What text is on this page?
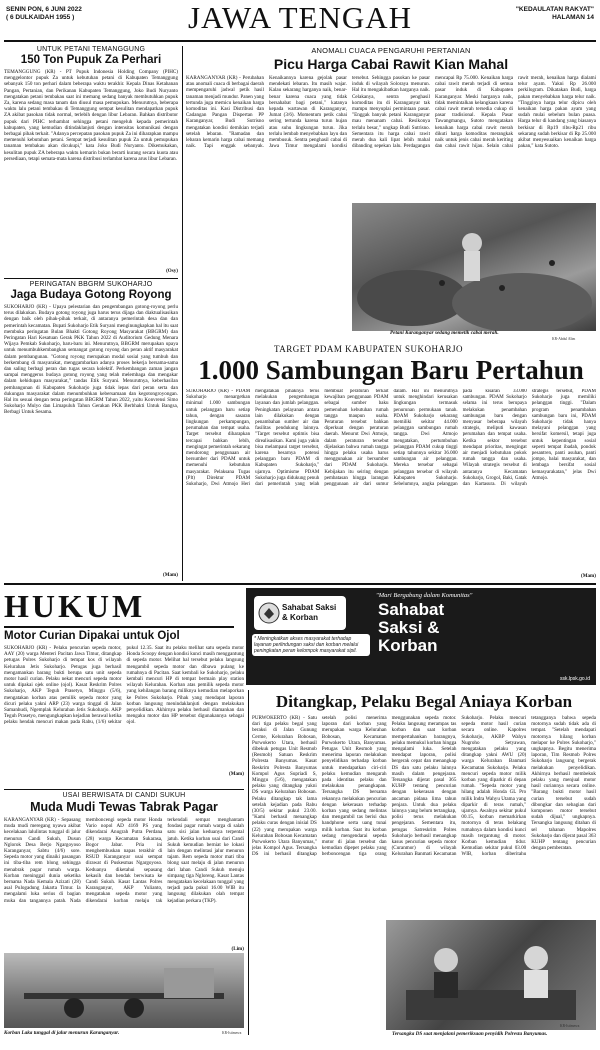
SENIN PON, 6 JUNI 2022
( 6 DULKAIDAH 1955 )	JAWA TENGAH	"KEDAULATAN RAKYAT"
HALAMAN 14
UNTUK PETANI TEMANGGUNG
150 Ton Pupuk Za Perhari
TEMANGGUNG (KR) - PT Pupuk Indonesia Holding Company (PIHC) menggelontor pupuk Za untuk kebutuhan petani di Kabupaten Temanggung sebanyak 150 ton perhari dalam beberapa waktu terakhir. Kepala Dinas Ketahanan Pangan, Pertanian, dan Perikanan Kabupaten Temanggung, Joko Budi Nuryanto mengatakan petani tembakau saat ini memang sedang banyak membutuhkan pupuk Za, karena sedang masa tanam dan diusul masa pemupukan. Menurutnya, beberapa waktu lalu petani tembakau di Temanggung sempat kesulitan mendapatkan pupuk ZA akibat pasokan tidak normal, terlebih dengan libur Lebaran. Bahkan distributor pupuk dari PIHC terhambat sehingga petani mengeluh kepada pemerintah kabupaten, yang kemudian ditindaklanjuti dengan intensitas komunikasi dengan berbagai pihak terkait. "Adanya percepatan pasokan pupuk Za ini diharapkan mampu memenuhi kebutuhan petani. Sempat terjadi kesulitan pupuk Za untuk pemupukan tanaman tembakau akan dicukupi," kata Joko Budi Nuryanto. Dikemukakan, kesulitan pupuk ZA beberapa waktu kemarin bukan berarti kurang secara kuota atau persediaan, tetapi semata-mata karena distribusi terlambat karena arus libur Lebaran.
(Osy)
PERINGATAN BBGRM SUKOHARJO
Jaga Budaya Gotong Royong
SUKOHARJO (KR) - Upaya pelestarian dan pengembangan gotong-royong perlu terus dilakukan. Budaya gotong royong juga harus terus dijaga dan diaktualisasikan dengan baik oleh pihak-pihak terkait, di antaranya pemerintah desa dan dan pemerintah kecamatan. Bupati Sukoharjo Etik Suryani menginungkapkan hal itu saat membuka peringatan Bulan Bhakti Gotong Royong Masyarakat (BBGRM) dan Peringatan Hari Kesatuan Gerak PKK Tahun 2022 di Auditorium Gedung Menara Wijaya Pemkab Sukoharjo, baru-baru ini. Menurutnya, BBGRM merupakan upaya untuk menumbuhkembangkan semangat gotong royong dan peran aktif masyarakat dalam pembangunan. "Gotong royong merupakan modal sosial yang tumbuh dan berkembang di masyarakat, menggambarkan adanya proses bekerja bersama-sama dan saling berbagi peran dan tugas secara kolektif. Perkembangan zaman jangan sampai menggerus budaya gotong royong yang telah melembaga dan mengakar dalam kehidupan masyarakat," tandas Etik Suryani. Menurutnya, keberhasilan pembangunan di Kabupaten Sukoharjo juga tidak lepas dari peran serta dan dukungan masyarakat dalam menumbuhkan kebersamaan dan kegotongroyongan. Hal itu sesuai dengan tema peringatan BBGRM Tahun 2022, yaitu Konvrensi Simo Sukoharjo Mulyo dan Limapuluh Tahun Gerakan PKK Berbhakti Untuk Bangsa, Berbagi Untuk Sesama.
(Mam)
ANOMALI CUACA PENGARUHI PERTANIAN
Picu Harga Cabai Rawit Kian Mahal
KARANGANYAR (KR) - Perubahan atau anomali cuaca di berbagai daerah mempengaruhi jadwal petik hasil tanaman menjadi mundur. Panen yang tertunda juga memicu kenaikan harga komoditas ini. Kasi Distribusi dan Cadangan Pangan Dispertan PP Karanganyar, Budi Sutrisno mengatakan kondisi demikian terjadi setelah lebaran. "Ramadan dan lebaran kemarin harga cabai memang naik. Tapi enggak sebanyak. Kenaikannya karena gejolak pasar mendekati lebaran. Itu masih wajar. Kalau sekarang harganya naik, benar-benar karena cuaca yang tidak bersahabat bagi petani," katanya kepada wartawan di Karanganyar, Jumat (3/6). Momentum petik cabai sering tertunda karena turun hujan atau suhu lingkungan turun. Jika terlalu lembab menyebabkan layu dan membusuk. Sentra penghasil cabai di Jawa Timur mengalami kondisi tersebut. Sehingga pasokan ke pasar induk di wilayah Soloraya menurun. Hal itu mengakibatkan harganya naik. Celakanya, sentra penghasil komoditas itu di Karanganyar tak mampu menyuplai permintaan pasar. "Enggak banyak petani Karanganyar mau menanam cabai. Resikonya terlalu besar," ungkap Budi Sutrisno. Sementara itu harga cabai rawit merah dua kali lipat lebih mahal dibanding sepekan lalu. Perdagangan mencapai Rp 75.000. Kenaikan harga cabai rawit merah terjadi di semua pasar induk di Kabupaten Karanganyar. Meski harganya naik, tidak memintalkan kelangkaan karena cabai rawit merah tersedia cukup di pasar tradisional. Kepala Pasar Tawangmangu, Sutoto mengatakan kenaikan harga cabai rawit merah dikuti harga komoditas merangkak naik untuk jenis cabai merah keriting dan cabai rawit hijau. Selain cabai rawit merah, kenaikan harga dialami telur ayam. Yakni Rp 26.000 perkilogram. Dikatakan Budi, harga pakan menyebabkan harga telur naik. "Tingginya harga telur dipicu oleh kenaikan harga pakan ayam yang sudah mulai sebelum bulan puasa. Harga telur di kandang yang biasanya berkisar di Rp19 ribu-Rp21 ribu sekarang sudah berkisar di Rp 25.000 akibat menyesuaikan kenaikan harga pakan," kata Sutoto.
Petani Karanganyar sedang memetik cabai merah.
KR-Abdul Alim
TARGET PDAM KABUPATEN SUKOHARJO
1.000 Sambungan Baru Pertahun
SUKOHARJO (KR) - PDAM Sukoharjo menargetkan minimal 1.000 sambungan untuk pelanggan baru setiap tahun, dengan sasaran lingkungan perkampungan, perumahan dan tempat usaha. Target tersebut diharapkan tercapai bahkan lebih, mengingat pemerintah sekarang mendorong penggunaan air bersumber dari PDAM untuk memenuhi kebutuhan masyarakat. Pelaksana Tugas (Plt) Direktur PDAM Sukoharjo, Dwi Atmojo Heri mengatakan pihaknya terus melakukan pengembangan layanan dan jumlah pelanggan. Peningkatan pelayanan antara lain dilakukan dengan penambahan sumber air dan fasilitas pendukung lainnya. "Target tersebut optimis bisa direalisasikan. Kami juga yakin bisa melampaui target tersebut, karena besarnya potensi pelanggan baru PDAM di Kabupaten Sukoharjo," ujarnya. Optimisme PDAM Sukoharjo juga didukung penuh dari pemerintah yang telah membuat peraturan terkait kewajiban penggunaan PDAM sebagai sumber baku pemenuhan kebutuhan rumah tangga maupun usaha. Peraturan tersebut bahkan diperkuat dengan peraturan daerah. Menurut Dwi Atmojo, dalam peraturan tersebut dijelaskan bahwa rumah tangga hingga pelaku usaha harus menggunakan air bersumber dari PDAM Sukoharjo. Kebijakan itu seiring dengan pembatasan hingga larangan penggunaan air dari sumur dalam. Hal ini menurutnya untuk menghindari kerusakan lingkungan termasuk penurunan permukaan tanah. PDAM Sukoharjo sekarang memiliki sekitar 44.000 pelanggan sambungan rumah tangga. Dwi Atmojo mengatakan, pertumbuhan pelanggan PDAM cukup tinggi setiap tahunnya sekitar 36.000 sambungan air pelanggan. Mereka tersebar sebagai pelanggan tersebar di wilayah Kabupaten Sukoharjo. Sebelumnya, angka pelanggan pada kisaran 33.000 sambungan. PDAM Sukoharjo selama ini terus berupaya melakukan penambahan sambungan baru dengan menyasar beberapa wilayah strategis, meliputi kawasan perumahan dan tempat usaha. Ketika sektor tersebut mendapat prioritas, mengingat air menjadi kebutuhan pokok rumah tangga dan usaha. Wilayah strategis tersebut di antaranya Kecamatan Sukoharjo, Grogol, Baki, Gatak dan Kartasura. Di wilayah strategis tersebut, PDAM Sukoharjo juga memiliki pelanggan tinggi. "Dalam program penambahan sambungan baru ini, PDAM Sukoharjo tidak hanya melayani pelanggan yang bersifat komersil, tetapi juga untuk kepentingan sosial seperti tempat ibadah, pondok pesantren, panti asuhan, panti jompo, balai masyarakat, dan lembaga bersifat sosial kemasyarakatan," jelas Dwi Atmojo.
(Mam)
HUKUM	Sahabat Saksi & Korban
* Meningkatkan akses masyarakat terhadap layanan perlindungan saksi dan korban melalui peningkatan peran kelompok masyarakat sipil.
"Mari Bergabung dalam Komunitas"
Sahabat
Saksi &
Korban
ssk.lpsk.go.id
Motor Curian Dipakai untuk Ojol
SUKOHARJO (KR) - Pelaku pencurian sepeda motor, AAY (20) warga Menteri Pacitan Jawa Timur, ditangkap petugas Polres Sukoharjo di tempat kos di wilayah Kelurahan Jetis Sukoharjo. Petugas juga berhasil mengamankan barang bukti berupa satu unit sepeda motor hasil curian. Pelaku nekat mencuri sepeda motor untuk dipakai ojek online (ojol). Kasat Reskrim Polres Sukoharjo, AKP Teguh Prasetyo, Minggu (5/6), mengatakan korban atas pemilik sepeda motor yang dicuri pelaku yakni ARP (23) warga tinggal di Jalan Samanhudi, Ngemplak Kelurahan Jetis Sukoharjo. AKP Teguh Prasetyo, mengungkapkan kejadian berawal ketika pelaku hendak mencuri makan pada Rabu, (1/6) sekitar pukul 12.35. Saat itu pelaku melihat satu sepeda motor Honda Scoopy dengan kondisi kunci masih menggantung di sepeda motor. Melihat hal tersebut pelaku langsung mengambil sepeda motor dan dibawa pulang ke rumahnya di Pacitan. Saat kembali ke Sukoharjo, pelaku kembali mencuri HP di tempat bermain play station wilayah Kelurahan. Korban atas pemilik sepeda motor yang kehilangan barang miliknya kemudian melaporkan ke Polres Sukoharjo. Pihak yang mendapat laporan korban langsung menindaklanjuti dengan melakukan penyelidikan. Akhirnya pelaku berhasil diamankan dan mengaku motor dan HP tersebut digunakannya sebagai ojol.
(Mam)
USAI BERWISATA DI CANDI SUKUH
Muda Mudi Tewas Tabrak Pagar
KARANGANYAR (KR) - Sepasang muda mudi meregang nyawa akibat kecelakaan lalulintas tunggal di jalur menurun Candi Sukuh, Dusun Nglorok Desa Berjo Ngargoyoso Karanganyar, Sabtu (4/6) sore. Sepeda motor yang dinaiki pasangan ini tiba-tiba rem blong sehingga menabrak pagar rumah warga. Korban meninggal dunia seketika bernama Nada Kemala Azizati (28) asal Pulogadung Jakarta Timur. Ia mengalami luka serius di bagian muka dan tangannya patah. Nada memboncengi sepeda motor Honda Vario nopol AD 4169 PS yang dikendarai Anugrah Putra Perdana (28) warga Kecamatan Sukarasa, Bogor Jabar. Pria ini menghembuskan napas terakhir di RSUD Karanganyar usai sempat dirawat di Puskesmas Ngargoyoso. Keduanya diketahui sepasang kekasih dan hendak berwisata ke Candi Sukuh. Kasat Lantas Polres Karanganyar, AKP Yulianto, mengatakan sepeda motor yang dikendarai korban melaju tak terkendali sempat menghantam fondasi pagar rumah warga di salah satu sisi jalan keduanya terpental jatuh. Ketika korban usai dari Candi Sukuh kemudian berniat ke lokasi lain dengan melintasi jalur menurun tajam. Rem sepeda motor mati tiba blong saat melaju di jalan menurun dari lahan Candi Sukuh menuju simpang tiga Ngloreng. Kasat Lantas mengatakan kecelakaan tunggal yang terjadi pada pukul 16.00 WIB itu langsung dilakukan olah tempat kejadian perkara (TKP).
(Lim)
Korban Laka tunggal di jalur menurun Karanganyar.	KR-Istimewa
Ditangkap, Pelaku Begal Aniaya Korban
PURWOKERTO (KR) - Satu dari tiga pelaku begal yang beraksi di Jalan Gunung Cerme, Kelurahan Bobosan, Purwokerto Utara, berhasil dibekuk petugas Unit Resmob (Resmob) Satuan Reskrim Polresta Banyumas. Kasat Reskrim Polresta Banyumas Kompol Agus Supriadi S, Minggu (5/6), mengatakan pelaku yang ditangkap yakni DS warga Kelurahan Bobosan. Pelaku ditangkap tak lama setelah kejadian pada Rabu (30/5) sekitar pukul 23.00. "Kami berhasil menangkap pelaku curas dengan inisial DS (22) yang merupakan warga Kelurahan Bobosan Kecamatan Purwokerto Utara Banyumas," jelas Kompol Agus. Tersangka DS ini berhasil ditangkap setelah polisi menerima laporan dari korban yang merupakan warga Kelurahan Bobosan, Kecamatan Purwokerto Utara, Banyumas. Petugas Unit Resmob yang menerima laporan melakukan penyelidikan terhadap korban untuk mendapatkan ciri-ciri pelaku kemudian mengarah pada identitas pelaku dan melakukan penangkapan. Tersangka DS bersama rekannya melakukan pencurian dengan kekerasan terhadap korban yang sedang melintas dan mengambil tas berisi dua handphone serta uang tunai milik korban. Saat itu korban sedang mengendarai sepeda motor di jalan tersebut dan kemudian dipepet pelaku yang berboncengan tiga orang menggunakan sepeda motor. Pelaku langsung merampas tas korban dan saat korban mempertahankan barangnya, pelaku memukul korban hingga mengalami luka. Setelah mendapat laporan, polisi bergerak cepat dan menangkap DS dan satu pelaku lainnya masih dalam pengejaran. Tersangka dijerat pasal 365 KUHP tentang pencurian dengan kekerasan dengan ancaman pidana lima tahun penjara. Untuk dua pelaku lainnya yang belum tertangkap, polisi terus melakukan pengejaran. Sementara itu, petugas Satreskrim Polres Sukoharjo berhasil menangkap kasus pencurian sepeda motor (Curanmor) di wilayah Kelurahan Banmati Kecamatan Sukoharjo. Pelaku mencuri sepeda motor hasil curian secara online. Kapolres Sukoharjo, AKBP Wahyu Nugroho Setyawan, mengatakan pelaku yang ditangkap yakni AWU (20) warga Kelurahan Banmati Kecamatan Sukoharjo. Pelaku mencuri sepeda motor milik korban yang diparkir di depan rumah. "Sepeda motor yang hilang adalah Honda GL Pro milik Indra Wahyu Utama yang diparkir di teras rumah," ujarnya. Awalnya sekitar pukul 00.15, korban memarkirkan motornya di teras belakang rumahnya dalam kondisi kunci masih tergantung di motor. Korban kemudian tidur. Kemudian sekitar pukul 03.00 WIB, korban diberitahu tetangganya bahwa sepeda motornya sudah tidak ada di tempat. "Setelah mendapati motornya hilang korban melapor ke Polres Sukoharjo," ungkapnya. Begitu menerima laporan, Tim Resmob Polres Sukoharjo langsung bergerak melakukan penyelidikan. Akhirnya berhasil membekuk pelaku yang menjual motor hasil curiannya secara online. "Barang bukti motor hasil curian tersebut sudah dibongkar dan sebagian dari komponen motor tersebut sudah dijual," ungkapnya. Tersangka langsung ditahan di sel tahanan Mapolres Sukoharjo dan dijerat pasal 363 KUHP tentang pencurian dengan pemberatan.
Tersangka DS saat menjalani pemeriksaan penyidik Polresta Banyumas.
KR-Istimewa
